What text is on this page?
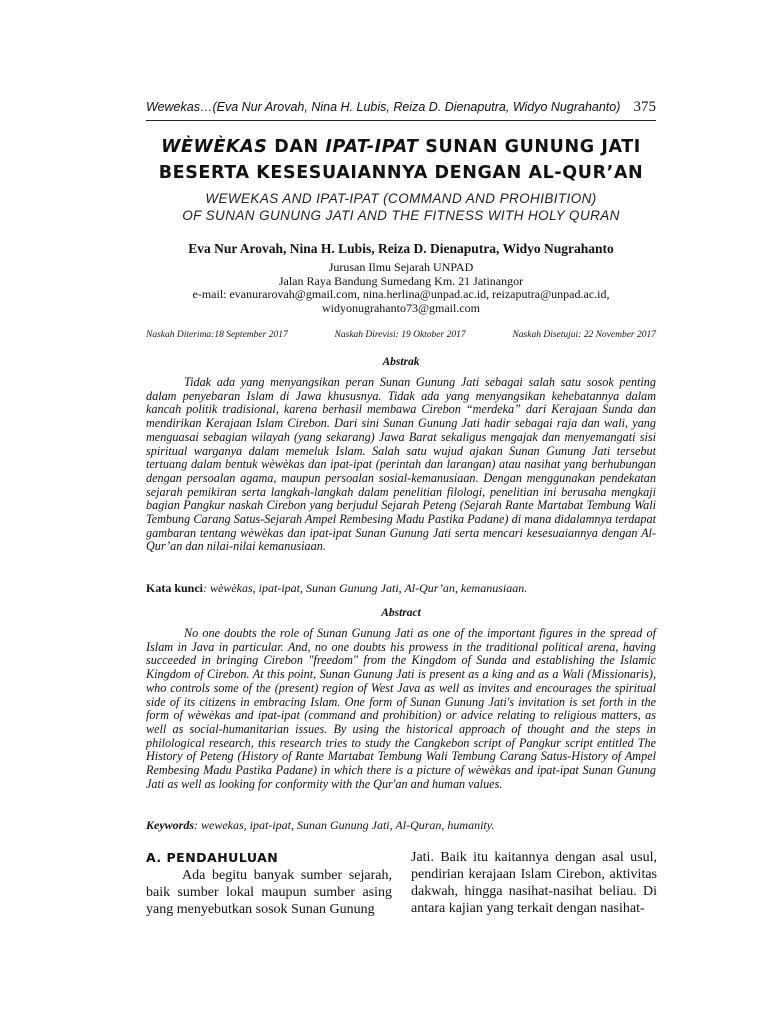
Wewekas…(Eva Nur Arovah, Nina H. Lubis, Reiza D. Dienaputra, Widyo Nugrahanto) 375
WÈWÈKAS DAN IPAT-IPAT SUNAN GUNUNG JATI
BESERTA KESESUAIANNYA DENGAN AL-QUR’AN
WEWEKAS AND IPAT-IPAT (COMMAND AND PROHIBITION)
OF SUNAN GUNUNG JATI AND THE FITNESS WITH HOLY QURAN
Eva Nur Arovah, Nina H. Lubis, Reiza D. Dienaputra, Widyo Nugrahanto
Jurusan Ilmu Sejarah UNPAD
Jalan Raya Bandung Sumedang Km. 21 Jatinangor
e-mail: evanurarovah@gmail.com, nina.herlina@unpad.ac.id, reizaputra@unpad.ac.id,
widyonugrahanto73@gmail.com
Naskah Diterima:18 September 2017	Naskah Direvisi: 19 Oktober 2017	Naskah Disetujui: 22 November 2017
Abstrak

Tidak ada yang menyangsikan peran Sunan Gunung Jati sebagai salah satu sosok penting dalam penyebaran Islam di Jawa khususnya. Tidak ada yang menyangsikan kehebatannya dalam kancah politik tradisional, karena berhasil membawa Cirebon “merdeka” dari Kerajaan Sunda dan mendirikan Kerajaan Islam Cirebon. Dari sini Sunan Gunung Jati hadir sebagai raja dan wali, yang menguasai sebagian wilayah (yang sekarang) Jawa Barat sekaligus mengajak dan menyemangati sisi spiritual warganya dalam memeluk Islam. Salah satu wujud ajakan Sunan Gunung Jati tersebut tertuang dalam bentuk wèwèkas dan ipat-ipat (perintah dan larangan) atau nasihat yang berhubungan dengan persoalan agama, maupun persoalan sosial-kemanusiaan. Dengan menggunakan pendekatan sejarah pemikiran serta langkah-langkah dalam penelitian filologi, penelitian ini berusaha mengkaji bagian Pangkur naskah Cirebon yang berjudul Sejarah Peteng (Sejarah Rante Martabat Tembung Wali Tembung Carang Satus-Sejarah Ampel Rembesing Madu Pastika Padane) di mana didalamnya terdapat gambaran tentang wèwèkas dan ipat-ipat Sunan Gunung Jati serta mencari kesesuaiannya dengan Al-Qur’an dan nilai-nilai kemanusiaan.

Kata kunci: wèwèkas, ipat-ipat, Sunan Gunung Jati, Al-Qur’an, kemanusiaan.
Abstract

No one doubts the role of Sunan Gunung Jati as one of the important figures in the spread of Islam in Java in particular. And, no one doubts his prowess in the traditional political arena, having succeeded in bringing Cirebon "freedom" from the Kingdom of Sunda and establishing the Islamic Kingdom of Cirebon. At this point, Sunan Gunung Jati is present as a king and as a Wali (Missionaris), who controls some of the (present) region of West Java as well as invites and encourages the spiritual side of its citizens in embracing Islam. One form of Sunan Gunung Jati's invitation is set forth in the form of wèwèkas and ipat-ipat (command and prohibition) or advice relating to religious matters, as well as social-humanitarian issues. By using the historical approach of thought and the steps in philological research, this research tries to study the Cangkebon script of Pangkur script entitled The History of Peteng (History of Rante Martabat Tembung Wali Tembung Carang Satus-History of Ampel Rembesing Madu Pastika Padane) in which there is a picture of wèwèkas and ipat-ipat Sunan Gunung Jati as well as looking for conformity with the Qur'an and human values.

Keywords: wewekas, ipat-ipat, Sunan Gunung Jati, Al-Quran, humanity.
A. PENDAHULUAN

Ada begitu banyak sumber sejarah, baik sumber lokal maupun sumber asing yang menyebutkan sosok Sunan Gunung

Jati. Baik itu kaitannya dengan asal usul, pendirian kerajaan Islam Cirebon, aktivitas dakwah, hingga nasihat-nasihat beliau. Di antara kajian yang terkait dengan nasihat-
